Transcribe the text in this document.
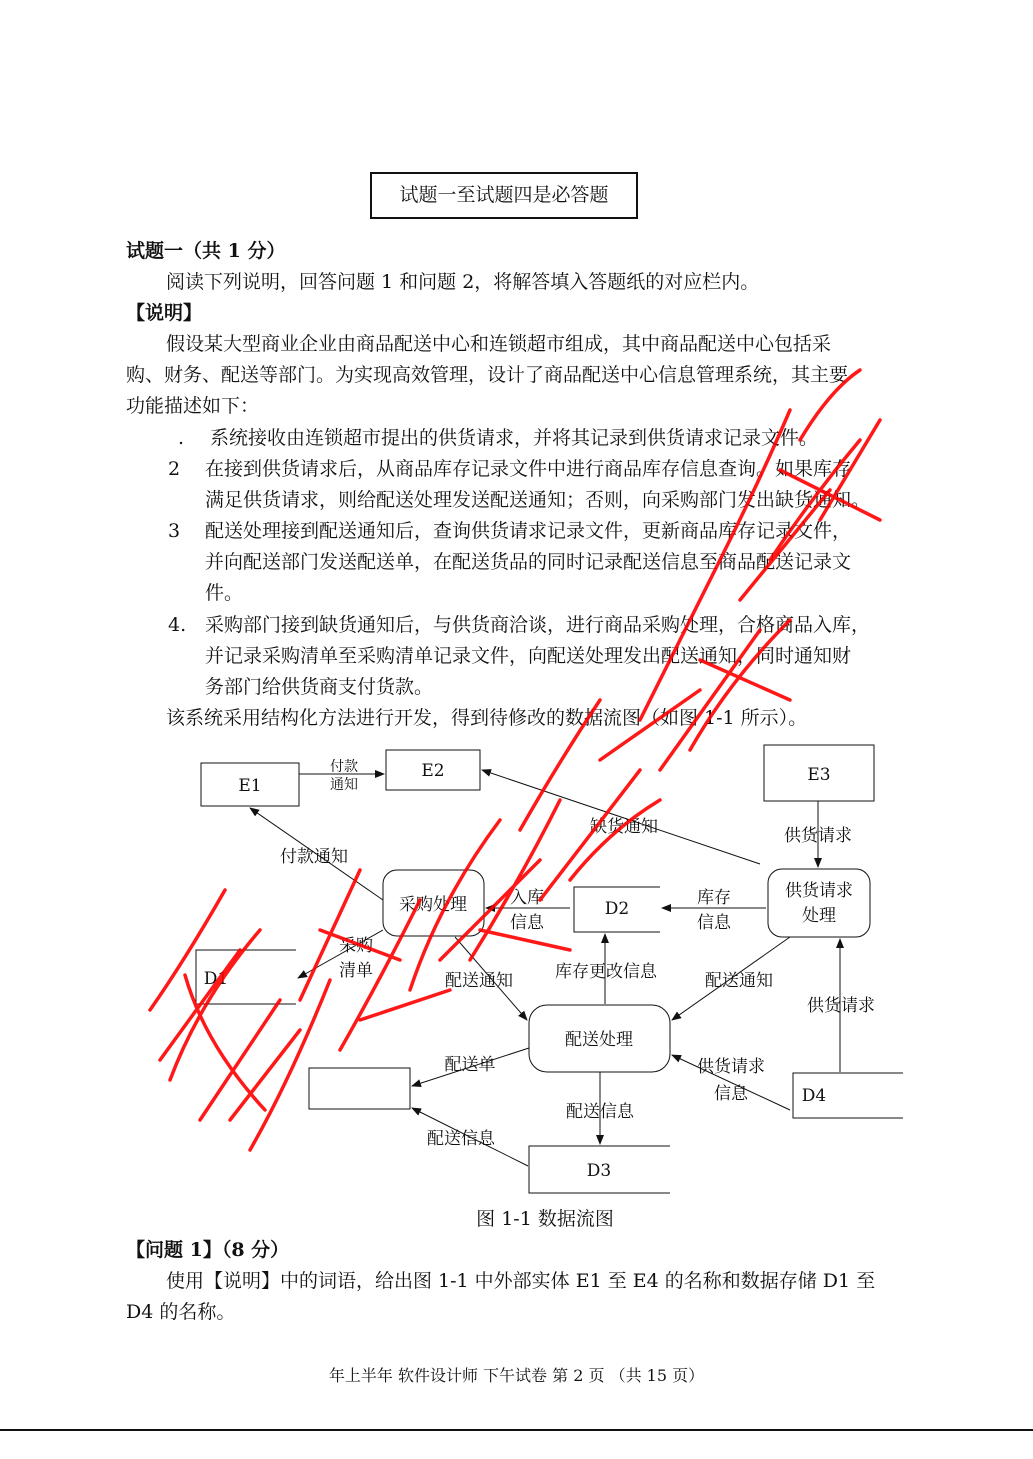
试题一至试题四是必答题
试题一（共 1 分）
阅读下列说明，回答问题 1 和问题 2，将解答填入答题纸的对应栏内。
【说明】
假设某大型商业企业由商品配送中心和连锁超市组成，其中商品配送中心包括采
购、财务、配送等部门。为实现高效管理，设计了商品配送中心信息管理系统，其主要
功能描述如下：
. 系统接收由连锁超市提出的供货请求，并将其记录到供货请求记录文件。
2 在接到供货请求后，从商品库存记录文件中进行商品库存信息查询。如果库存
满足供货请求，则给配送处理发送配送通知；否则，向采购部门发出缺货通知。
3 配送处理接到配送通知后，查询供货请求记录文件，更新商品库存记录文件，
并向配送部门发送配送单，在配送货品的同时记录配送信息至商品配送记录文
件。
4. 采购部门接到缺货通知后，与供货商洽谈，进行商品采购处理，合格商品入库，
并记录采购清单至采购清单记录文件，向配送处理发出配送通知，同时通知财
务部门给供货商支付货款。
该系统采用结构化方法进行开发，得到待修改的数据流图（如图 1-1 所示）。
E1
E2	E3
采购处理
供货请求
处理
配送处理
D1
D2
D3
D4
付款
通知
缺货通知	供货请求
付款通知
入库
信息
库存
信息
采购
清单	配送通知 库存更改信息	配送通知
供货请求
配送单	供货请求
信息
配送信息
配送信息
图 1-1 数据流图
【问题 1】（8 分）
使用【说明】中的词语，给出图 1-1 中外部实体 E1 至 E4 的名称和数据存储 D1 至
D4 的名称。
年上半年 软件设计师 下午试卷 第 2 页 （共 15 页）
